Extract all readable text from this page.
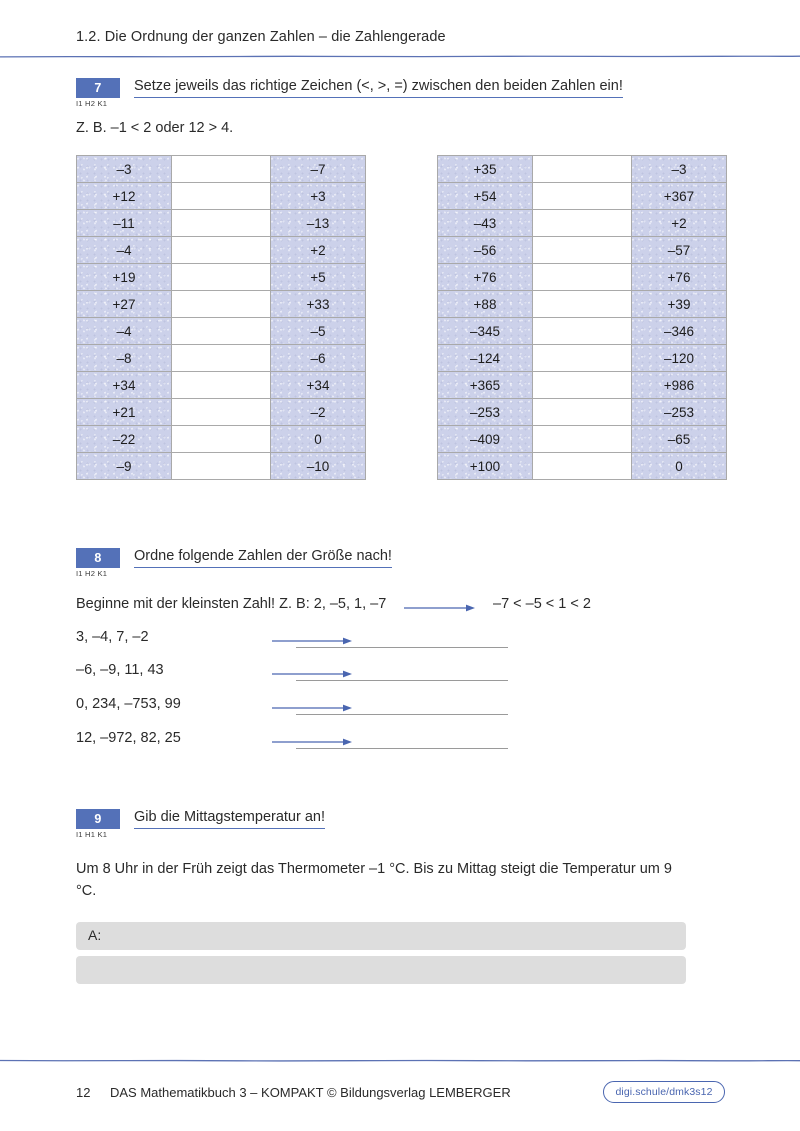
1.2. Die Ordnung der ganzen Zahlen – die Zahlengerade
7
I1 H2 K1
Setze jeweils das richtige Zeichen (<, >, =) zwischen den beiden Zahlen ein!
Z. B. –1 < 2 oder 12 > 4.
–3		–7
+12		+3
–11		–13
–4		+2
+19		+5
+27		+33
–4		–5
–8		–6
+34		+34
+21		–2
–22		0
–9		–10
+35		–3
+54		+367
–43		+2
–56		–57
+76		+76
+88		+39
–345		–346
–124		–120
+365		+986
–253		–253
–409		–65
+100		0
8
I1 H2 K1
Ordne folgende Zahlen der Größe nach!
Beginne mit der kleinsten Zahl! Z. B: 2, –5, 1, –7	–7 < –5 < 1 < 2
3, –4, 7, –2
–6, –9, 11, 43
0, 234, –753, 99
12, –972, 82, 25
9
I1 H1 K1
Gib die Mittagstemperatur an!
Um 8 Uhr in der Früh zeigt das Thermometer –1 °C. Bis zu Mittag steigt die Temperatur um 9 °C.
A:
12 DAS Mathematikbuch 3 – KOMPAKT © Bildungsverlag LEMBERGER	digi.schule/dmk3s12
